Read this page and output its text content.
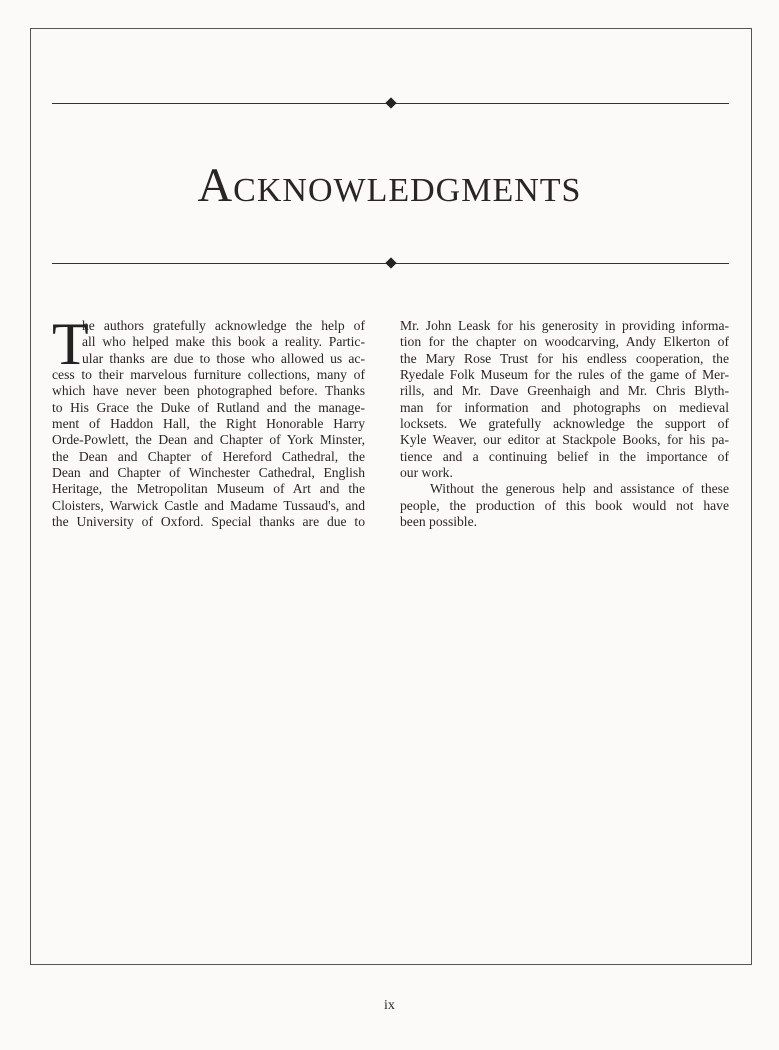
Acknowledgments
T
he authors gratefully acknowledge the help of
all who helped make this book a reality. Partic-
ular thanks are due to those who allowed us ac-
cess to their marvelous furniture collections, many of
which have never been photographed before. Thanks
to His Grace the Duke of Rutland and the manage-
ment of Haddon Hall, the Right Honorable Harry
Orde-Powlett, the Dean and Chapter of York Minster,
the Dean and Chapter of Hereford Cathedral, the
Dean and Chapter of Winchester Cathedral, English
Heritage, the Metropolitan Museum of Art and the
Cloisters, Warwick Castle and Madame Tussaud's, and
the University of Oxford. Special thanks are due to
Mr. John Leask for his generosity in providing informa-
tion for the chapter on woodcarving, Andy Elkerton of
the Mary Rose Trust for his endless cooperation, the
Ryedale Folk Museum for the rules of the game of Mer-
rills, and Mr. Dave Greenhaigh and Mr. Chris Blyth-
man for information and photographs on medieval
locksets. We gratefully acknowledge the support of
Kyle Weaver, our editor at Stackpole Books, for his pa-
tience and a continuing belief in the importance of
our work.
Without the generous help and assistance of these
people, the production of this book would not have
been possible.
ix
